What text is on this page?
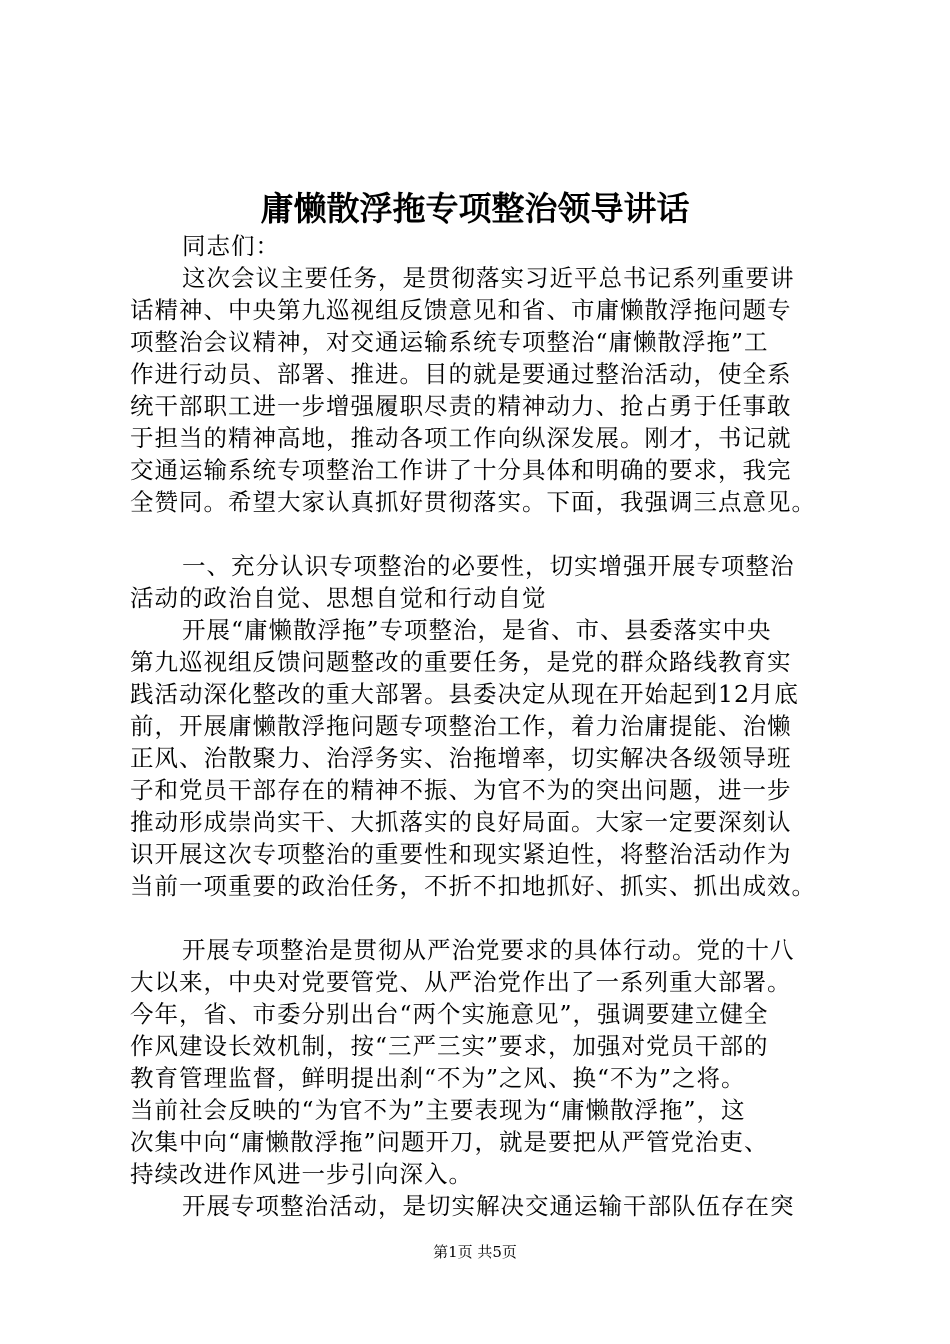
庸懒散浮拖专项整治领导讲话
同志们：
这次会议主要任务，是贯彻落实习近平总书记系列重要讲
话精神、中央第九巡视组反馈意见和省、市庸懒散浮拖问题专
项整治会议精神，对交通运输系统专项整治“庸懒散浮拖”工
作进行动员、部署、推进。目的就是要通过整治活动，使全系
统干部职工进一步增强履职尽责的精神动力、抢占勇于任事敢
于担当的精神高地，推动各项工作向纵深发展。刚才，书记就
交通运输系统专项整治工作讲了十分具体和明确的要求，我完
全赞同。希望大家认真抓好贯彻落实。下面，我强调三点意见。
一、充分认识专项整治的必要性，切实增强开展专项整治
活动的政治自觉、思想自觉和行动自觉
开展“庸懒散浮拖”专项整治，是省、市、县委落实中央
第九巡视组反馈问题整改的重要任务，是党的群众路线教育实
践活动深化整改的重大部署。县委决定从现在开始起到12月底
前，开展庸懒散浮拖问题专项整治工作，着力治庸提能、治懒
正风、治散聚力、治浮务实、治拖增率，切实解决各级领导班
子和党员干部存在的精神不振、为官不为的突出问题，进一步
推动形成崇尚实干、大抓落实的良好局面。大家一定要深刻认
识开展这次专项整治的重要性和现实紧迫性，将整治活动作为
当前一项重要的政治任务，不折不扣地抓好、抓实、抓出成效。
开展专项整治是贯彻从严治党要求的具体行动。党的十八
大以来，中央对党要管党、从严治党作出了一系列重大部署。
今年，省、市委分别出台“两个实施意见”，强调要建立健全
作风建设长效机制，按“三严三实”要求，加强对党员干部的
教育管理监督，鲜明提出刹“不为”之风、换“不为”之将。
当前社会反映的“为官不为”主要表现为“庸懒散浮拖”，这
次集中向“庸懒散浮拖”问题开刀，就是要把从严管党治吏、
持续改进作风进一步引向深入。
开展专项整治活动，是切实解决交通运输干部队伍存在突
第1页 共5页
